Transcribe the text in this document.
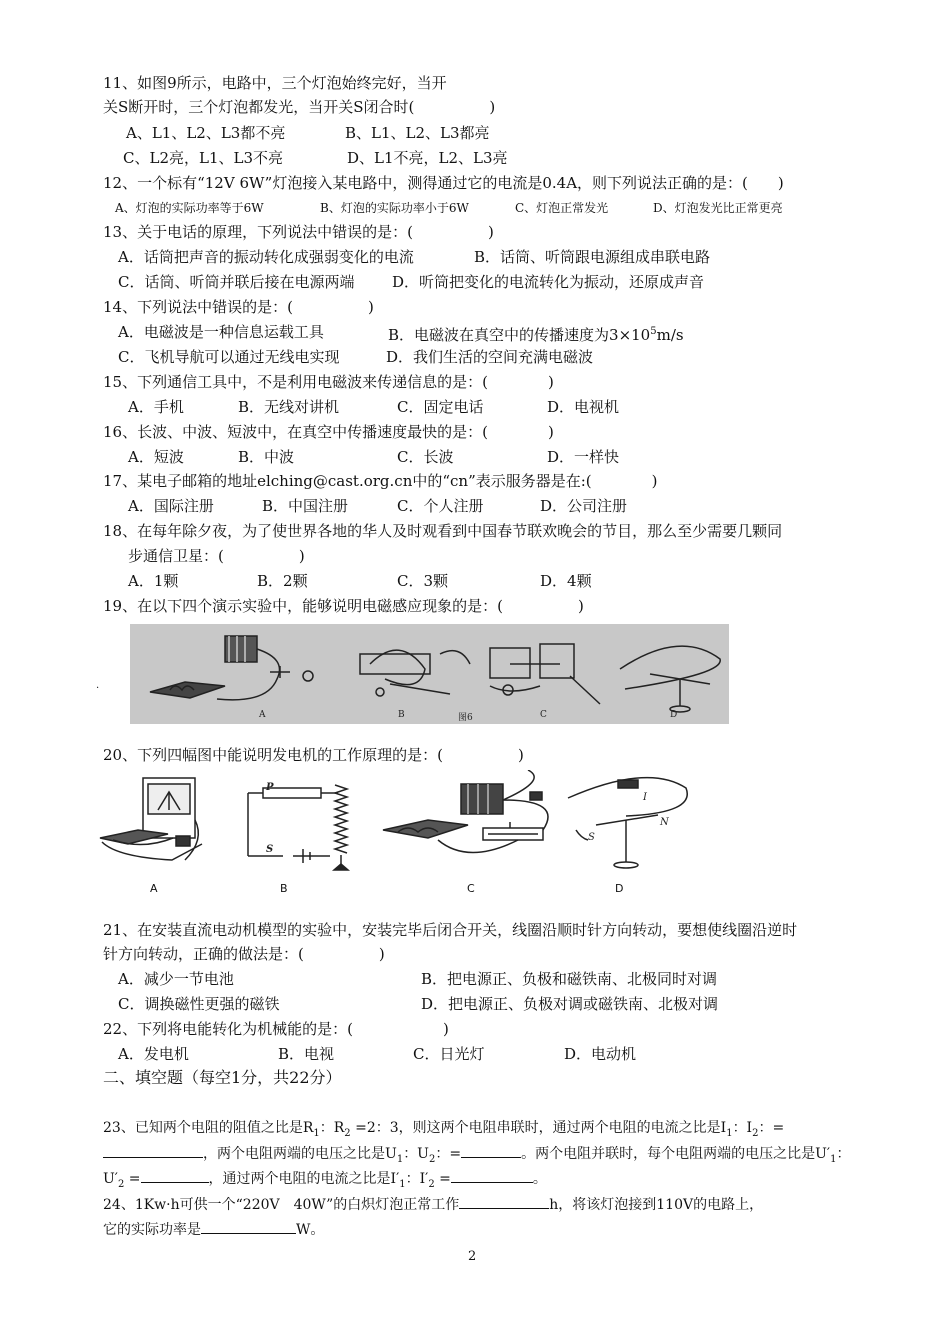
11、如图9所示，电路中，三个灯泡始终完好，当开
关S断开时，三个灯泡都发光，当开关S闭合时(　　　　　)
A、L1、L2、L3都不亮	B、L1、L2、L3都亮
C、L2亮，L1、L3不亮	D、L1不亮，L2、L3亮
12、一个标有“12V 6W”灯泡接入某电路中，测得通过它的电流是0.4A，则下列说法正确的是：(　　)
A、灯泡的实际功率等于6W	B、灯泡的实际功率小于6W	C、灯泡正常发光	D、灯泡发光比正常更亮
13、关于电话的原理，下列说法中错误的是：(　　　　　)
A．话筒把声音的振动转化成强弱变化的电流	B．话筒、听筒跟电源组成串联电路
C．话筒、听筒并联后接在电源两端	D．听筒把变化的电流转化为振动，还原成声音
14、下列说法中错误的是：(　　　　　)
A．电磁波是一种信息运载工具	B．电磁波在真空中的传播速度为$3\times 10^5m/s$
C．飞机导航可以通过无线电实现	D．我们生活的空间充满电磁波
15、下列通信工具中，不是利用电磁波来传递信息的是：(　　　　)
A．手机	B．无线对讲机	C．固定电话	D．电视机
16、长波、中波、短波中，在真空中传播速度最快的是：(　　　　)
A．短波	B．中波	C．长波	D．一样快
17、某电子邮箱的地址elching@cast.org.cn中的“cn”表示服务器是在:(　　　　)
A．国际注册	B．中国注册	C．个人注册	D．公司注册
18、在每年除夕夜，为了使世界各地的华人及时观看到中国春节联欢晚会的节目，那么至少需要几颗同
步通信卫星：(　　　　　)
A．1颗	B．2颗	C．3颗	D．4颗
19、在以下四个演示实验中，能够说明电磁感应现象的是：(　　　　　)
A	B	C	D
图6
.
20、下列四幅图中能说明发电机的工作原理的是：(　　　　　)
P
S
I
S
N
A	B	C	D
21、在安装直流电动机模型的实验中，安装完毕后闭合开关，线圈沿顺时针方向转动，要想使线圈沿逆时
针方向转动，正确的做法是：(　　　　　)
A．减少一节电池	B．把电源正、负极和磁铁南、北极同时对调
C．调换磁性更强的磁铁	D．把电源正、负极对调或磁铁南、北极对调
22、下列将电能转化为机械能的是：(　　　　　　)
A．发电机	B．电视	C．日光灯	D．电动机
二、填空题（每空1分，共22分）
23、已知两个电阻的阻值之比是$R_1$：$R_2 =2$：3，则这两个电阻串联时，通过两个电阻的电流之比是$I_1$：$I_2$：=
，两个电阻两端的电压之比是$U_1$：$U_2$：=	。两个电阻并联时，每个电阻两端的电压之比是$U'_1$：
$U'_2$ =	，通过两个电阻的电流之比是$I'_1$：$I'_2$ =	。
24、1Kw·h可供一个“220V　40W”的白炽灯泡正常工作	h，将该灯泡接到110V的电路上，
它的实际功率是	W。
2
